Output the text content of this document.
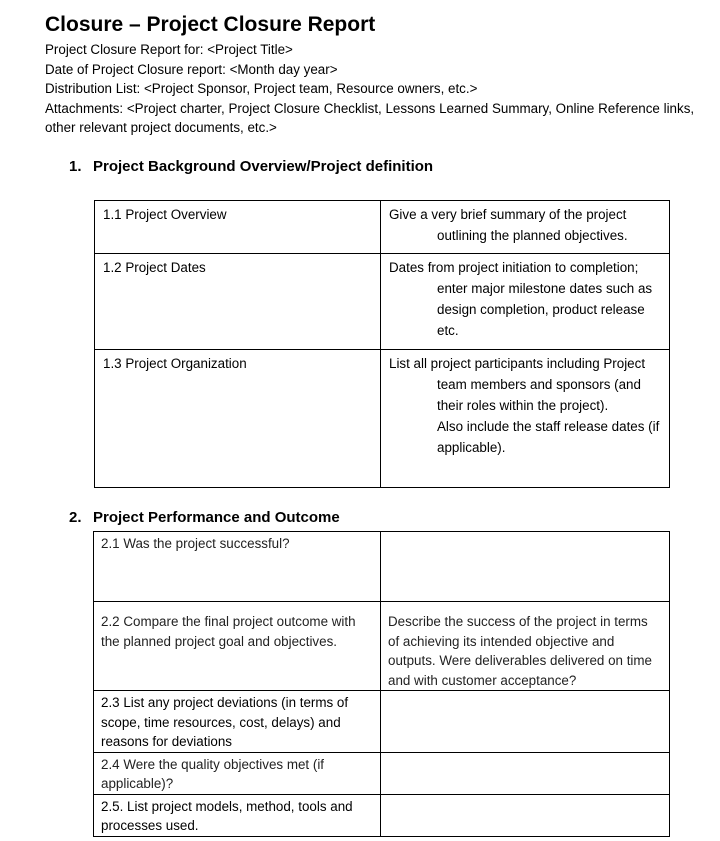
Closure – Project Closure Report
Project Closure Report for: <Project Title>
Date of Project Closure report: <Month day year>
Distribution List: <Project Sponsor, Project team, Resource owners, etc.>
Attachments: <Project charter, Project Closure Checklist, Lessons Learned Summary, Online Reference links, other relevant project documents, etc.>
1. Project Background Overview/Project definition
1.1 Project Overview	Give a very brief summary of the project outlining the planned objectives.

1.2 Project Dates	Dates from project initiation to completion; enter major milestone dates such as design completion, product release etc.

1.3 Project Organization	List all project participants including Project team members and sponsors (and their roles within the project).
Also include the staff release dates (if applicable).
2. Project Performance and Outcome
2.1 Was the project successful?	
2.2 Compare the final project outcome with the planned project goal and objectives.	Describe the success of the project in terms of achieving its intended objective and outputs. Were deliverables delivered on time and with customer acceptance?
2.3 List any project deviations (in terms of scope, time resources, cost, delays) and reasons for deviations	
2.4 Were the quality objectives met (if applicable)?	
2.5. List project models, method, tools and processes used.	
